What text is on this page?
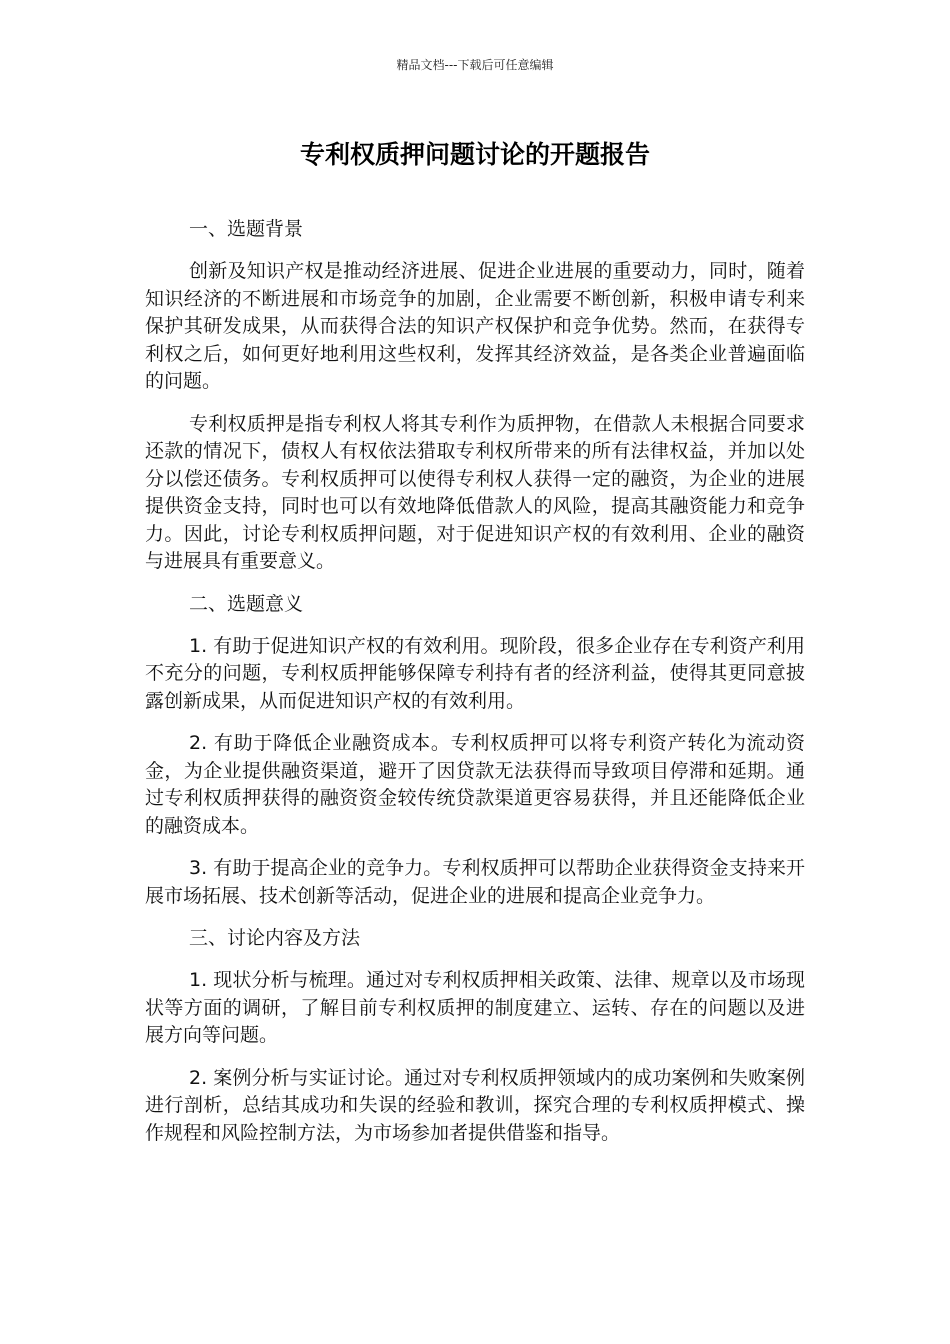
精品文档---下载后可任意编辑
专利权质押问题讨论的开题报告

一、选题背景

创新及知识产权是推动经济进展、促进企业进展的重要动力，同时，随着知识经济的不断进展和市场竞争的加剧，企业需要不断创新，积极申请专利来保护其研发成果，从而获得合法的知识产权保护和竞争优势。然而，在获得专利权之后，如何更好地利用这些权利，发挥其经济效益，是各类企业普遍面临的问题。

专利权质押是指专利权人将其专利作为质押物，在借款人未根据合同要求还款的情况下，债权人有权依法猎取专利权所带来的所有法律权益，并加以处分以偿还债务。专利权质押可以使得专利权人获得一定的融资，为企业的进展提供资金支持，同时也可以有效地降低借款人的风险，提高其融资能力和竞争力。因此，讨论专利权质押问题，对于促进知识产权的有效利用、企业的融资与进展具有重要意义。

二、选题意义

1. 有助于促进知识产权的有效利用。现阶段，很多企业存在专利资产利用不充分的问题，专利权质押能够保障专利持有者的经济利益，使得其更同意披露创新成果，从而促进知识产权的有效利用。

2. 有助于降低企业融资成本。专利权质押可以将专利资产转化为流动资金，为企业提供融资渠道，避开了因贷款无法获得而导致项目停滞和延期。通过专利权质押获得的融资资金较传统贷款渠道更容易获得，并且还能降低企业的融资成本。

3. 有助于提高企业的竞争力。专利权质押可以帮助企业获得资金支持来开展市场拓展、技术创新等活动，促进企业的进展和提高企业竞争力。

三、讨论内容及方法

1. 现状分析与梳理。通过对专利权质押相关政策、法律、规章以及市场现状等方面的调研，了解目前专利权质押的制度建立、运转、存在的问题以及进展方向等问题。

2. 案例分析与实证讨论。通过对专利权质押领域内的成功案例和失败案例进行剖析，总结其成功和失误的经验和教训，探究合理的专利权质押模式、操作规程和风险控制方法，为市场参加者提供借鉴和指导。
